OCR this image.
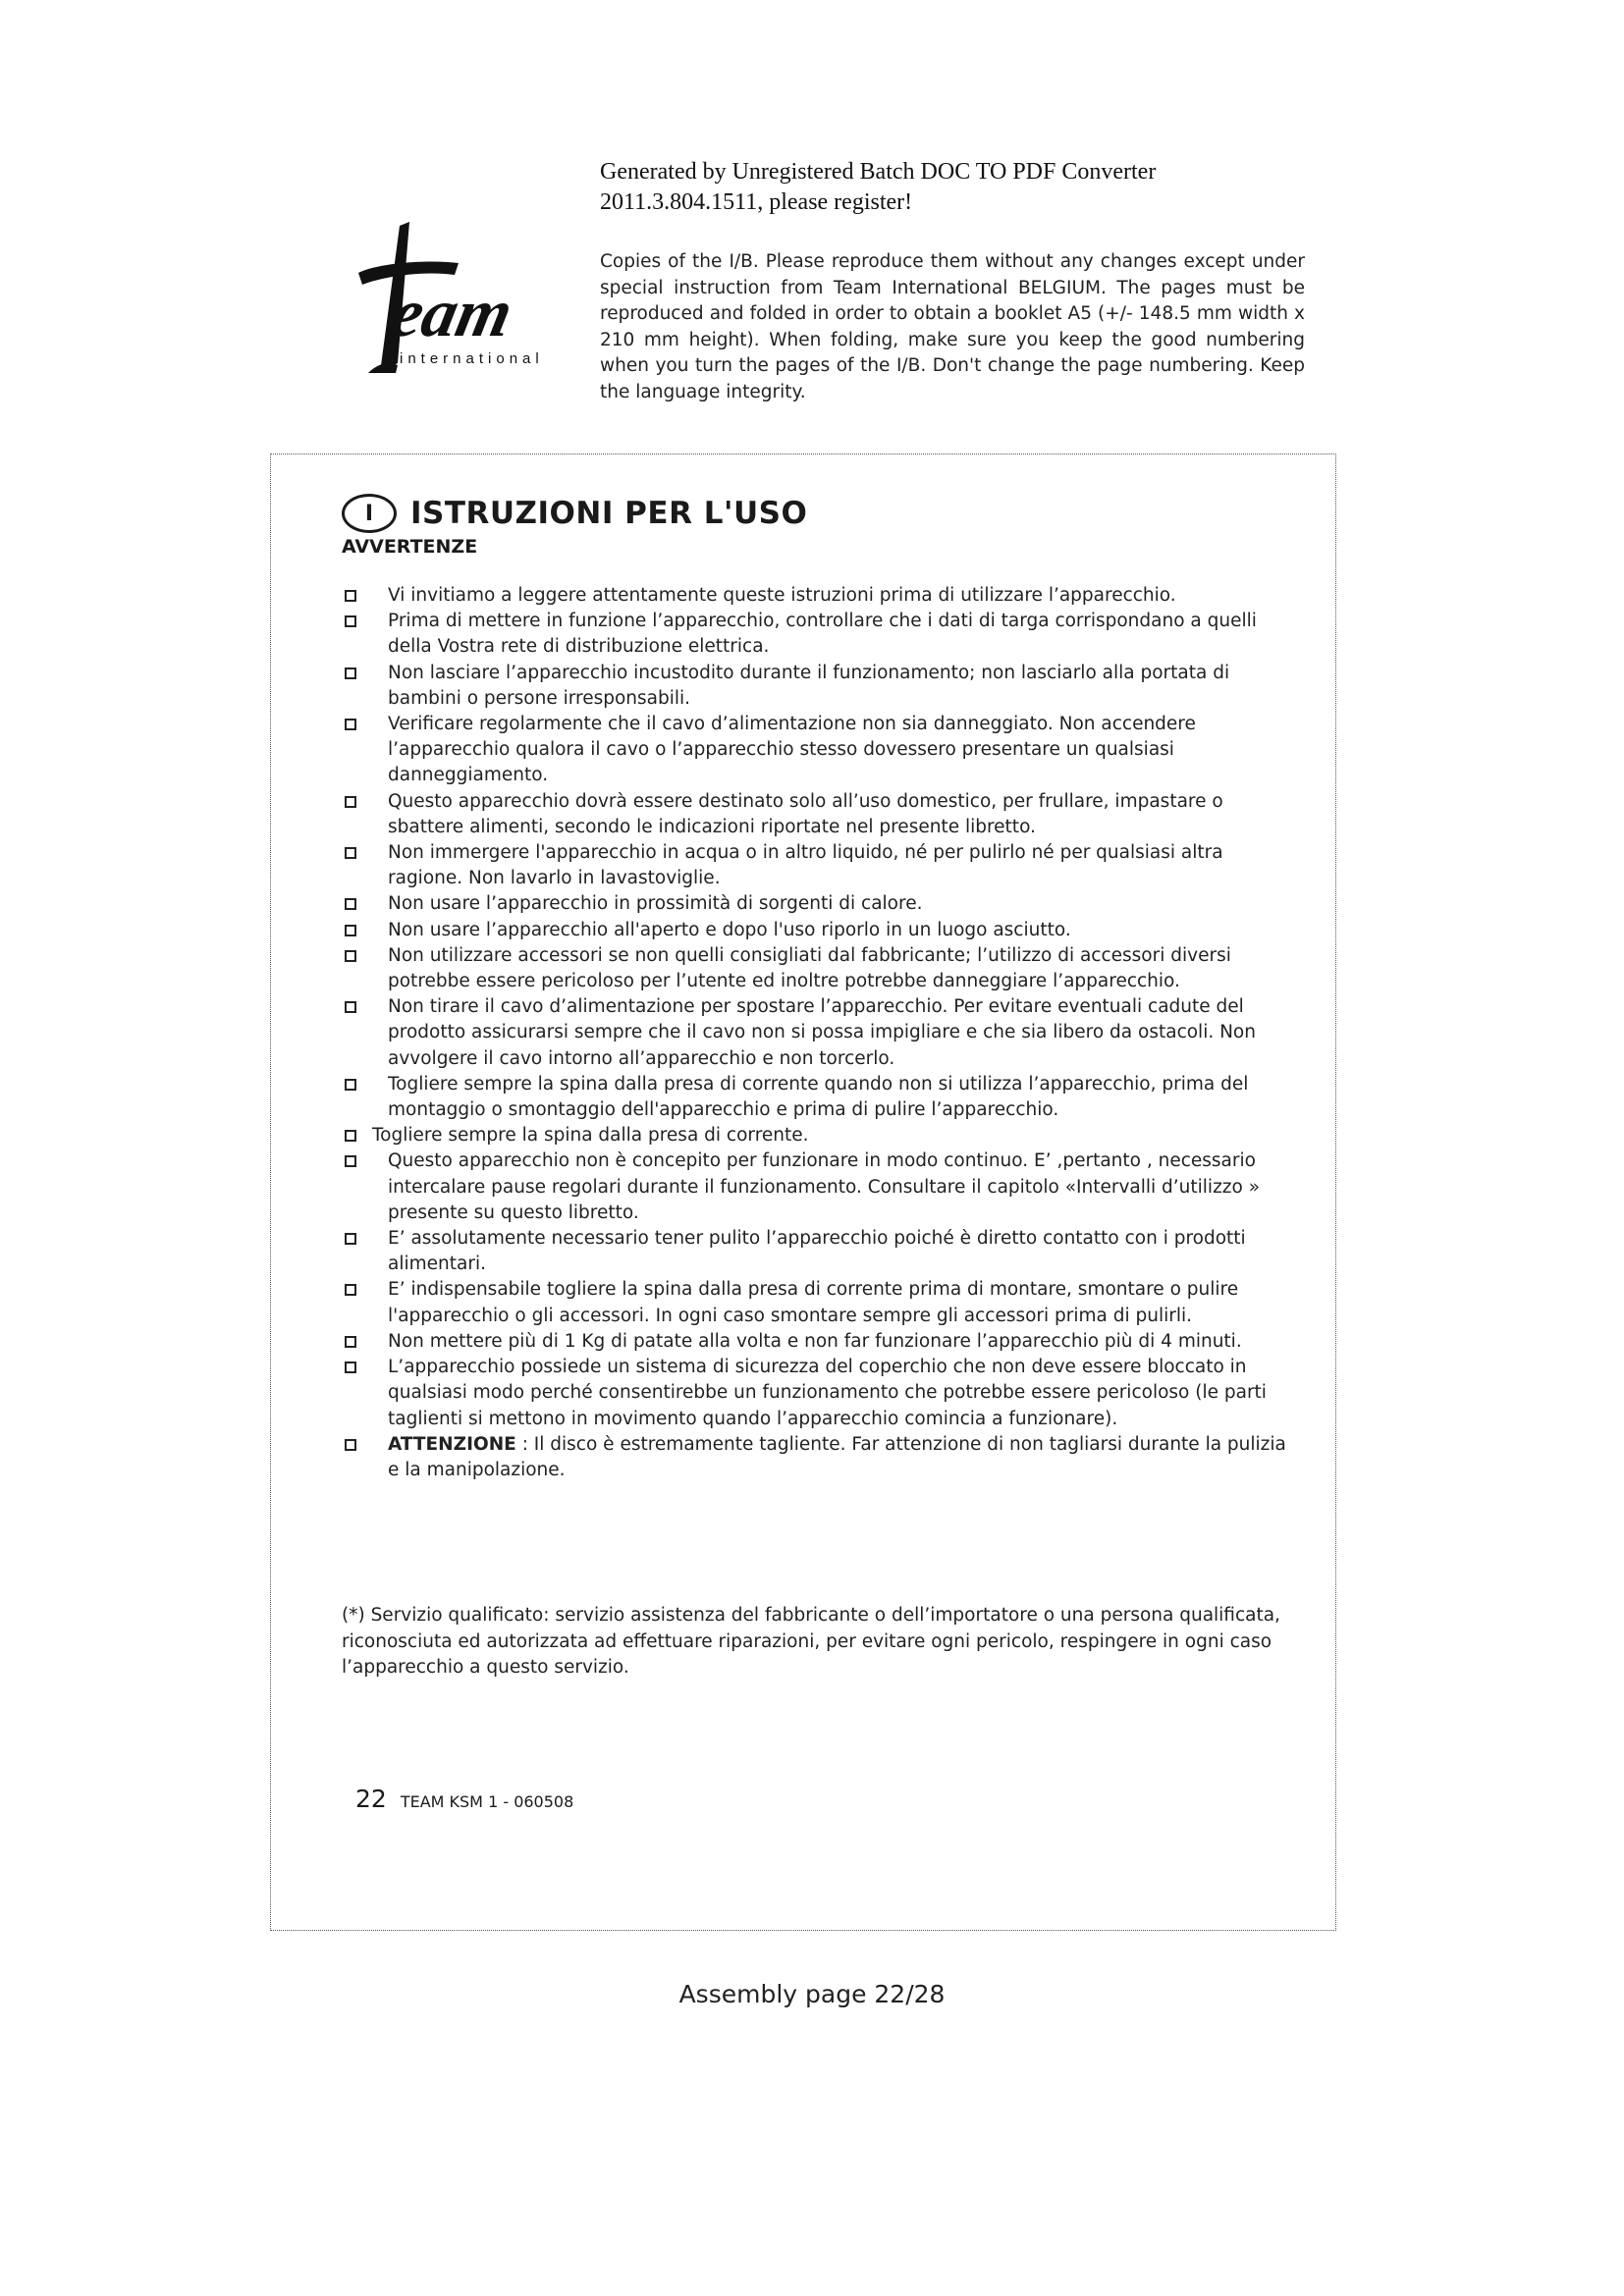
Generated by Unregistered Batch DOC TO PDF Converter
2011.3.804.1511, please register!
eam
international
Copies of the I/B. Please reproduce them without any changes except under special instruction from Team International BELGIUM. The pages must be reproduced and folded in order to obtain a booklet A5 (+/- 148.5 mm width x 210 mm height). When folding, make sure you keep the good numbering when you turn the pages of the I/B. Don't change the page numbering. Keep the language integrity.
I	ISTRUZIONI PER L'USO
AVVERTENZE
Vi invitiamo a leggere attentamente queste istruzioni prima di utilizzare l’apparecchio.
Prima di mettere in funzione l’apparecchio, controllare che i dati di targa corrispondano a quelli della Vostra rete di distribuzione elettrica.
Non lasciare l’apparecchio incustodito durante il funzionamento; non lasciarlo alla portata di bambini o persone irresponsabili.
Verificare regolarmente che il cavo d’alimentazione non sia danneggiato. Non accendere l’apparecchio qualora il cavo o l’apparecchio stesso dovessero presentare un qualsiasi danneggiamento.
Questo apparecchio dovrà essere destinato solo all’uso domestico, per frullare, impastare o sbattere alimenti, secondo le indicazioni riportate nel presente libretto.
Non immergere l'apparecchio in acqua o in altro liquido, né per pulirlo né per qualsiasi altra ragione. Non lavarlo in lavastoviglie.
Non usare l’apparecchio in prossimità di sorgenti di calore.
Non usare l’apparecchio all'aperto e dopo l'uso riporlo in un luogo asciutto.
Non utilizzare accessori se non quelli consigliati dal fabbricante; l’utilizzo di accessori diversi potrebbe essere pericoloso per l’utente ed inoltre potrebbe danneggiare l’apparecchio.
Non tirare il cavo d’alimentazione per spostare l’apparecchio. Per evitare eventuali cadute del prodotto assicurarsi sempre che il cavo non si possa impigliare e che sia libero da ostacoli. Non avvolgere il cavo intorno all’apparecchio e non torcerlo.
Togliere sempre la spina dalla presa di corrente quando non si utilizza l’apparecchio, prima del montaggio o smontaggio dell'apparecchio e prima di pulire l’apparecchio.
Togliere sempre la spina dalla presa di corrente.
Questo apparecchio non è concepito per funzionare in modo continuo. E’ ,pertanto , necessario intercalare pause regolari durante il funzionamento. Consultare il capitolo «Intervalli d’utilizzo » presente su questo libretto.
E’ assolutamente necessario tener pulito l’apparecchio poiché è diretto contatto con i prodotti alimentari.
E’ indispensabile togliere la spina dalla presa di corrente prima di montare, smontare o pulire l'apparecchio o gli accessori. In ogni caso smontare sempre gli accessori prima di pulirli.
Non mettere più di 1 Kg di patate alla volta e non far funzionare l’apparecchio più di 4 minuti.
L’apparecchio possiede un sistema di sicurezza del coperchio che non deve essere bloccato in qualsiasi modo perché consentirebbe un funzionamento che potrebbe essere pericoloso (le parti taglienti si mettono in movimento quando l’apparecchio comincia a funzionare).
ATTENZIONE : Il disco è estremamente tagliente. Far attenzione di non tagliarsi durante la pulizia e la manipolazione.
(*) Servizio qualificato: servizio assistenza del fabbricante o dell’importatore o una persona qualificata, riconosciuta ed autorizzata ad effettuare riparazioni, per evitare ogni pericolo, respingere in ogni caso l’apparecchio a questo servizio.
22 TEAM KSM 1 - 060508
Assembly page 22/28
